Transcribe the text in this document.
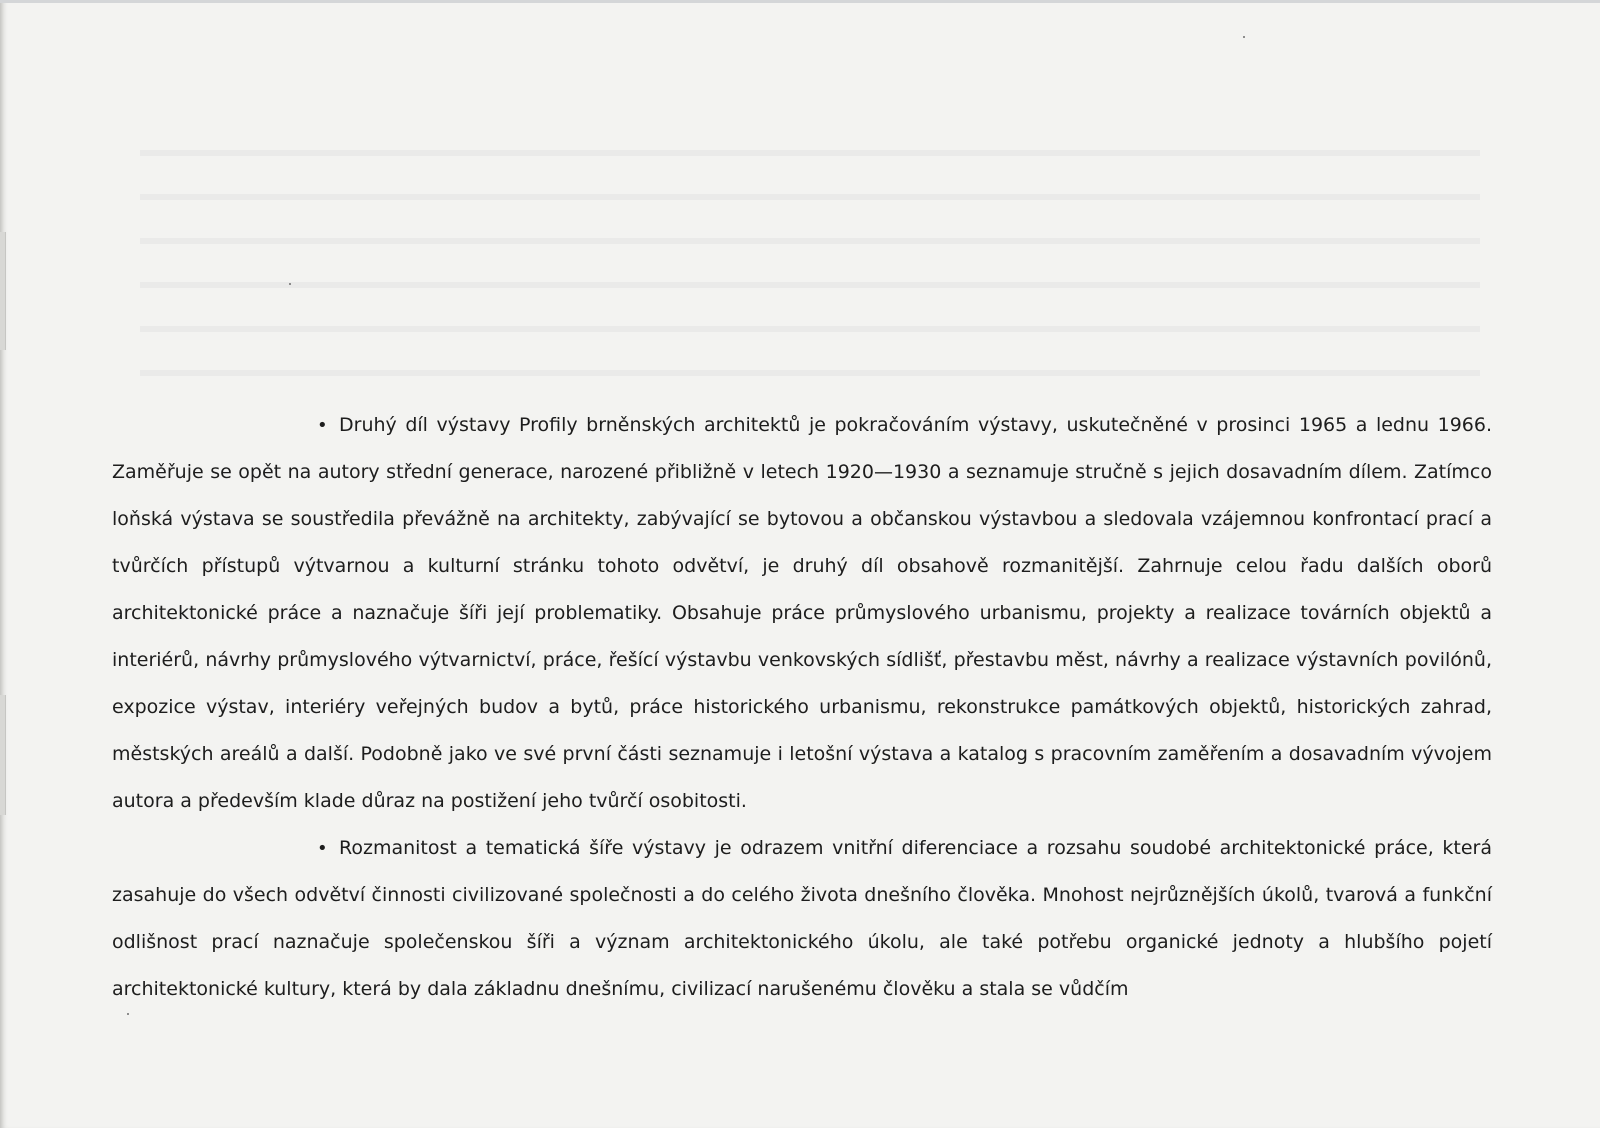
• Druhý díl výstavy Profily brněnských architektů je pokračováním výstavy, uskutečněné v prosinci 1965 a lednu 1966. Zaměřuje se opět na autory střední generace, narozené přibližně v letech 1920—1930 a seznamuje stručně s jejich dosavadním dílem. Zatímco loňská výstava se soustředila převážně na architekty, zabývající se bytovou a občanskou výstavbou a sledovala vzájemnou konfrontací prací a tvůrčích přístupů výtvarnou a kulturní stránku tohoto odvětví, je druhý díl obsahově rozmanitější. Zahrnuje celou řadu dalších oborů architektonické práce a naznačuje šíři její problematiky. Obsahuje práce průmyslového urbanismu, projekty a realizace továrních objektů a interiérů, návrhy průmyslového výtvarnictví, práce, řešící výstavbu venkovských sídlišť, přestavbu měst, návrhy a realizace výstavních povilónů, expozice výstav, interiéry veřejných budov a bytů, práce historického urbanismu, rekonstrukce památkových objektů, historických zahrad, městských areálů a další. Podobně jako ve své první části seznamuje i letošní výstava a katalog s pracovním zaměřením a dosavadním vývojem autora a především klade důraz na postižení jeho tvůrčí osobitosti.

• Rozmanitost a tematická šíře výstavy je odrazem vnitřní diferenciace a rozsahu soudobé architektonické práce, která zasahuje do všech odvětví činnosti civilizované společnosti a do celého života dnešního člověka. Mnohost nejrůznějších úkolů, tvarová a funkční odlišnost prací naznačuje společenskou šíři a význam architektonického úkolu, ale také potřebu organické jednoty a hlubšího pojetí architektonické kultury, která by dala základnu dnešnímu, civilizací narušenému člověku a stala se vůdčím
